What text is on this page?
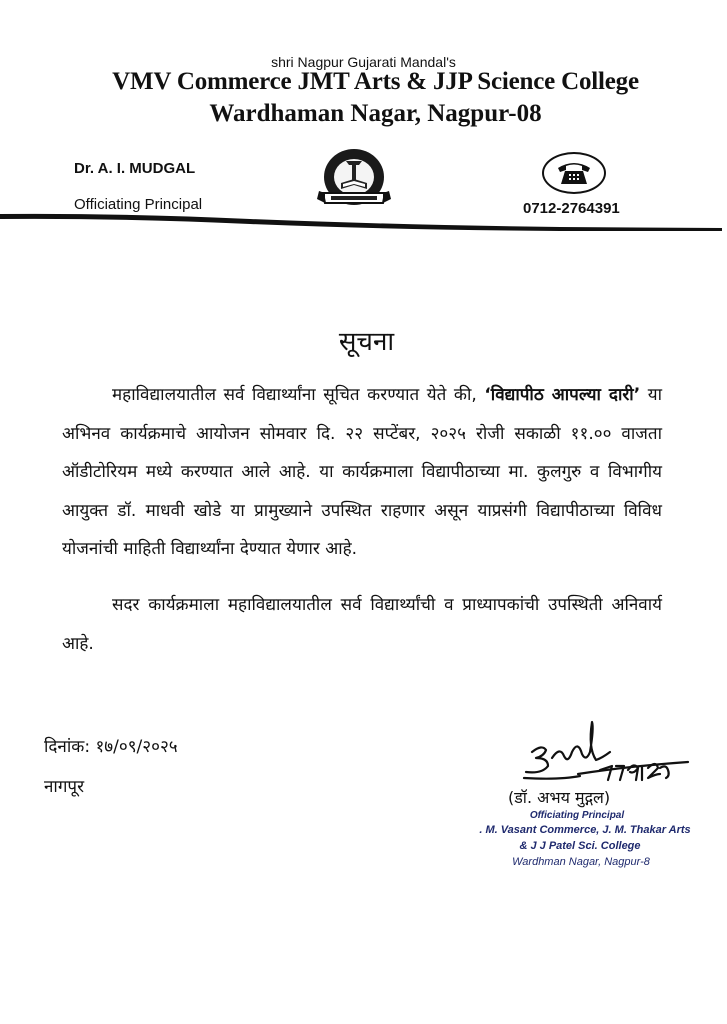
shri Nagpur Gujarati Mandal's
VMV Commerce JMT Arts & JJP Science College
Wardhaman Nagar, Nagpur-08
Dr. A. I. MUDGAL
Officiating Principal	0712-2764391
सूचना
महाविद्यालयातील सर्व विद्यार्थ्यांना सूचित करण्यात येते की, ‘विद्यापीठ आपल्या दारी’ या
अभिनव कार्यक्रमाचे आयोजन सोमवार दि. २२ सप्टेंबर, २०२५ रोजी सकाळी ११.०० वाजता
ऑडीटोरियम मध्ये करण्यात आले आहे. या कार्यक्रमाला विद्यापीठाच्या मा. कुलगुरु व विभागीय
आयुक्त डॉ. माधवी खोडे या प्रामुख्याने उपस्थित राहणार असून याप्रसंगी विद्यापीठाच्या विविध
योजनांची माहिती विद्यार्थ्यांना देण्यात येणार आहे.
सदर कार्यक्रमाला महाविद्यालयातील सर्व विद्यार्थ्यांची व प्राध्यापकांची उपस्थिती अनिवार्य
आहे.
दिनांक: १७/०९/२०२५
नागपूर
(डॉ. अभय मुद्गल)
Officiating Principal
. M. Vasant Commerce, J. M. Thakar Arts
& J J Patel Sci. College
Wardhman Nagar, Nagpur-8
